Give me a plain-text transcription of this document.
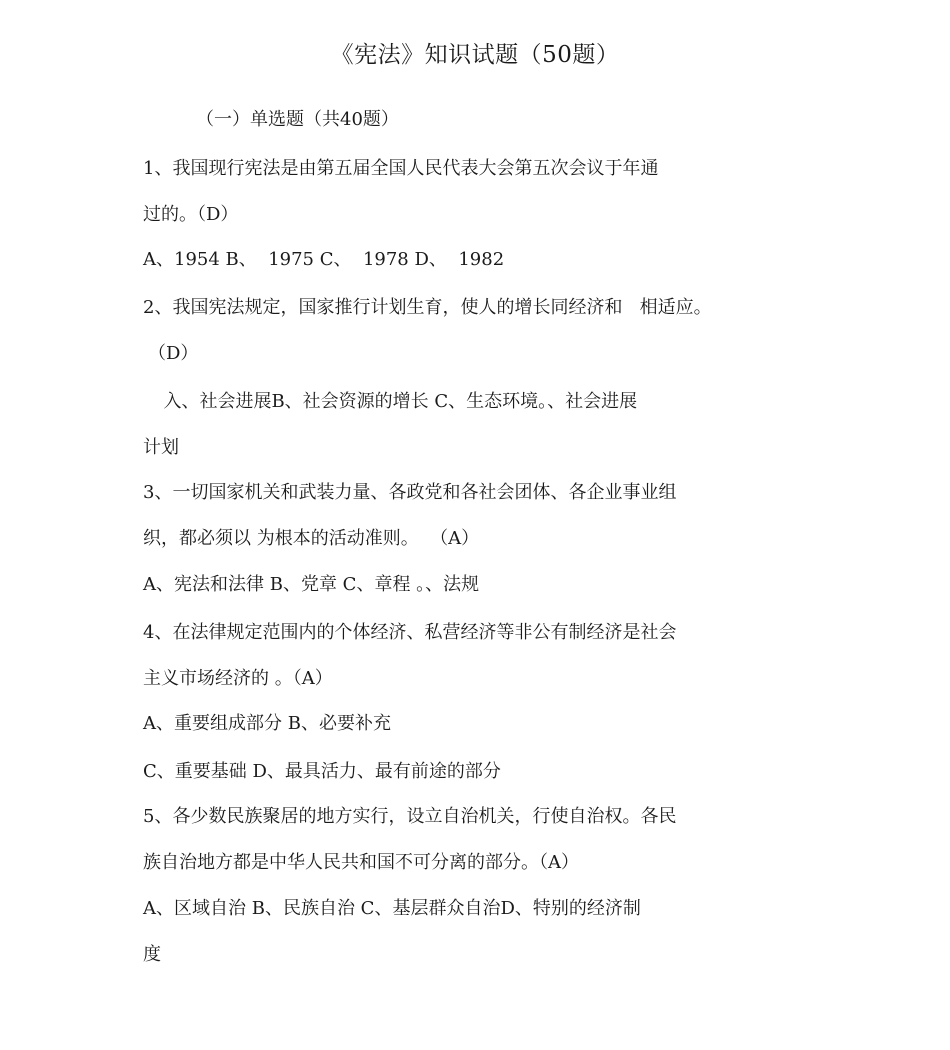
《宪法》知识试题（50题）
（一）单选题（共40题）
1、我国现行宪法是由第五届全国人民代表大会第五次会议于年通
过的。（D）
A、1954 B、  1975 C、  1978 D、  1982
2、我国宪法规定，国家推行计划生育，使人的增长同经济和   相适应。
（D）
入、社会进展B、社会资源的增长 C、生态环境。、社会进展
计划
3、一切国家机关和武装力量、各政党和各社会团体、各企业事业组
织，都必须以 为根本的活动准则。  （A）
A、宪法和法律 B、党章 C、章程 。、法规
4、在法律规定范围内的个体经济、私营经济等非公有制经济是社会
主义市场经济的 。（A）
A、重要组成部分 B、必要补充
C、重要基础 D、最具活力、最有前途的部分
5、各少数民族聚居的地方实行，设立自治机关，行使自治权。各民
族自治地方都是中华人民共和国不可分离的部分。（A）
A、区域自治 B、民族自治 C、基层群众自治D、特别的经济制
度
